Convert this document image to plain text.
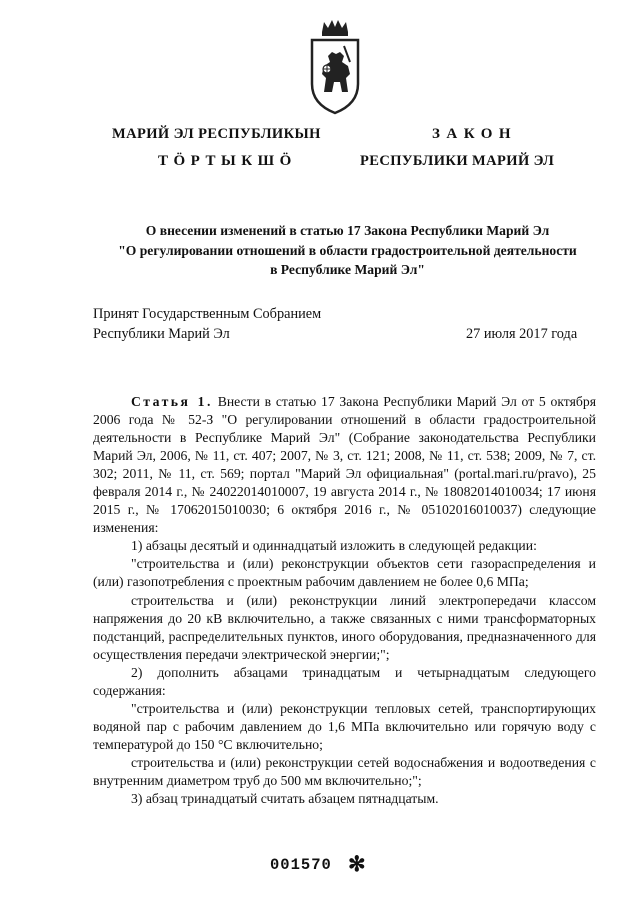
МАРИЙ ЭЛ РЕСПУБЛИКЫН
ТӦРТЫКШӦ
ЗАКОН
РЕСПУБЛИКИ МАРИЙ ЭЛ
О внесении изменений в статью 17 Закона Республики Марий Эл
"О регулировании отношений в области градостроительной деятельности
в Республике Марий Эл"
Принят Государственным Собранием
Республики Марий Эл	27 июля 2017 года

Статья 1. Внести в статью 17 Закона Республики Марий Эл от 5 октября 2006 года № 52-З "О регулировании отношений в области градостроительной деятельности в Республике Марий Эл" (Собрание законодательства Республики Марий Эл, 2006, № 11, ст. 407; 2007, № 3, ст. 121; 2008, № 11, ст. 538; 2009, № 7, ст. 302; 2011, № 11, ст. 569; портал "Марий Эл официальная" (portal.mari.ru/pravo), 25 февраля 2014 г., № 24022014010007, 19 августа 2014 г., № 18082014010034; 17 июня 2015 г., № 17062015010030; 6 октября 2016 г., № 05102016010037) следующие изменения:

1) абзацы десятый и одиннадцатый изложить в следующей редакции:

"строительства и (или) реконструкции объектов сети газораспределения и (или) газопотребления с проектным рабочим давлением не более 0,6 МПа;

строительства и (или) реконструкции линий электропередачи классом напряжения до 20 кВ включительно, а также связанных с ними трансформаторных подстанций, распределительных пунктов, иного оборудования, предназначенного для осуществления передачи электрической энергии;";

2) дополнить абзацами тринадцатым и четырнадцатым следующего содержания:

"строительства и (или) реконструкции тепловых сетей, транспортирующих водяной пар с рабочим давлением до 1,6 МПа включительно или горячую воду с температурой до 150 °С включительно;

строительства и (или) реконструкции сетей водоснабжения и водоотведения с внутренним диаметром труб до 500 мм включительно;";

3) абзац тринадцатый считать абзацем пятнадцатым.

001570 ✻
